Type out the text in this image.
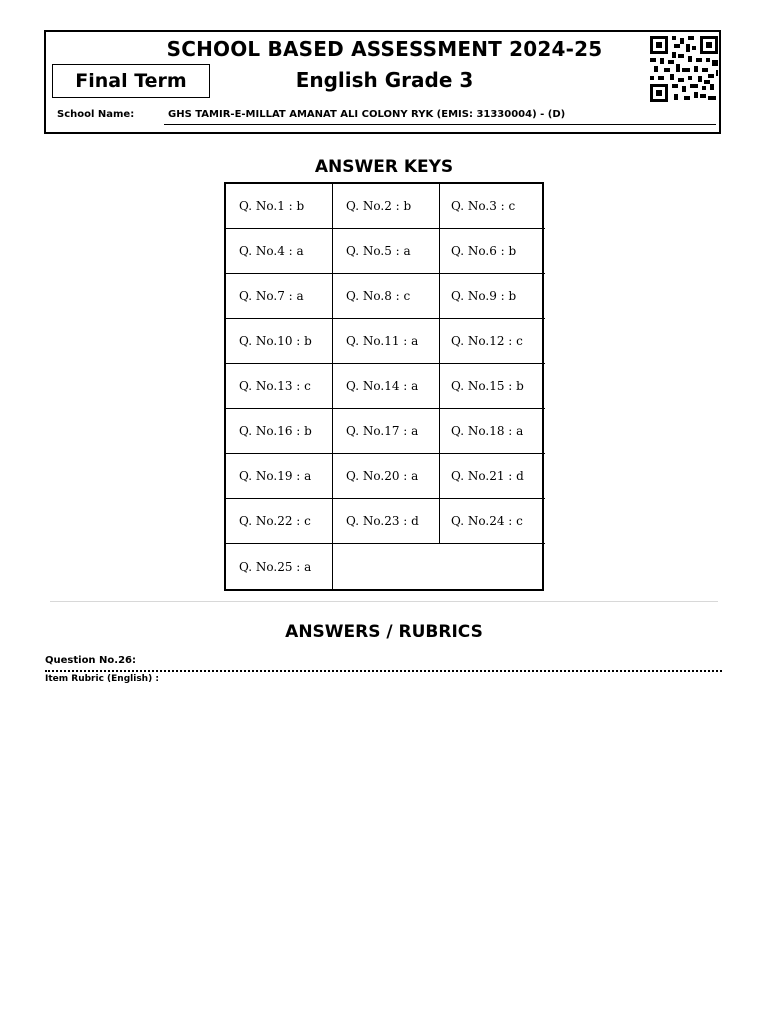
SCHOOL BASED ASSESSMENT 2024-25
English Grade 3
Final Term
School Name:	GHS TAMIR-E-MILLAT AMANAT ALI COLONY RYK (EMIS: 31330004) - (D)
ANSWER KEYS
Q. No.1 : b	Q. No.2 : b	Q. No.3 : c
Q. No.4 : a	Q. No.5 : a	Q. No.6 : b
Q. No.7 : a	Q. No.8 : c	Q. No.9 : b
Q. No.10 : b	Q. No.11 : a	Q. No.12 : c
Q. No.13 : c	Q. No.14 : a	Q. No.15 : b
Q. No.16 : b	Q. No.17 : a	Q. No.18 : a
Q. No.19 : a	Q. No.20 : a	Q. No.21 : d
Q. No.22 : c	Q. No.23 : d	Q. No.24 : c
Q. No.25 : a
ANSWERS / RUBRICS
Question No.26:
Item Rubric (English) :
